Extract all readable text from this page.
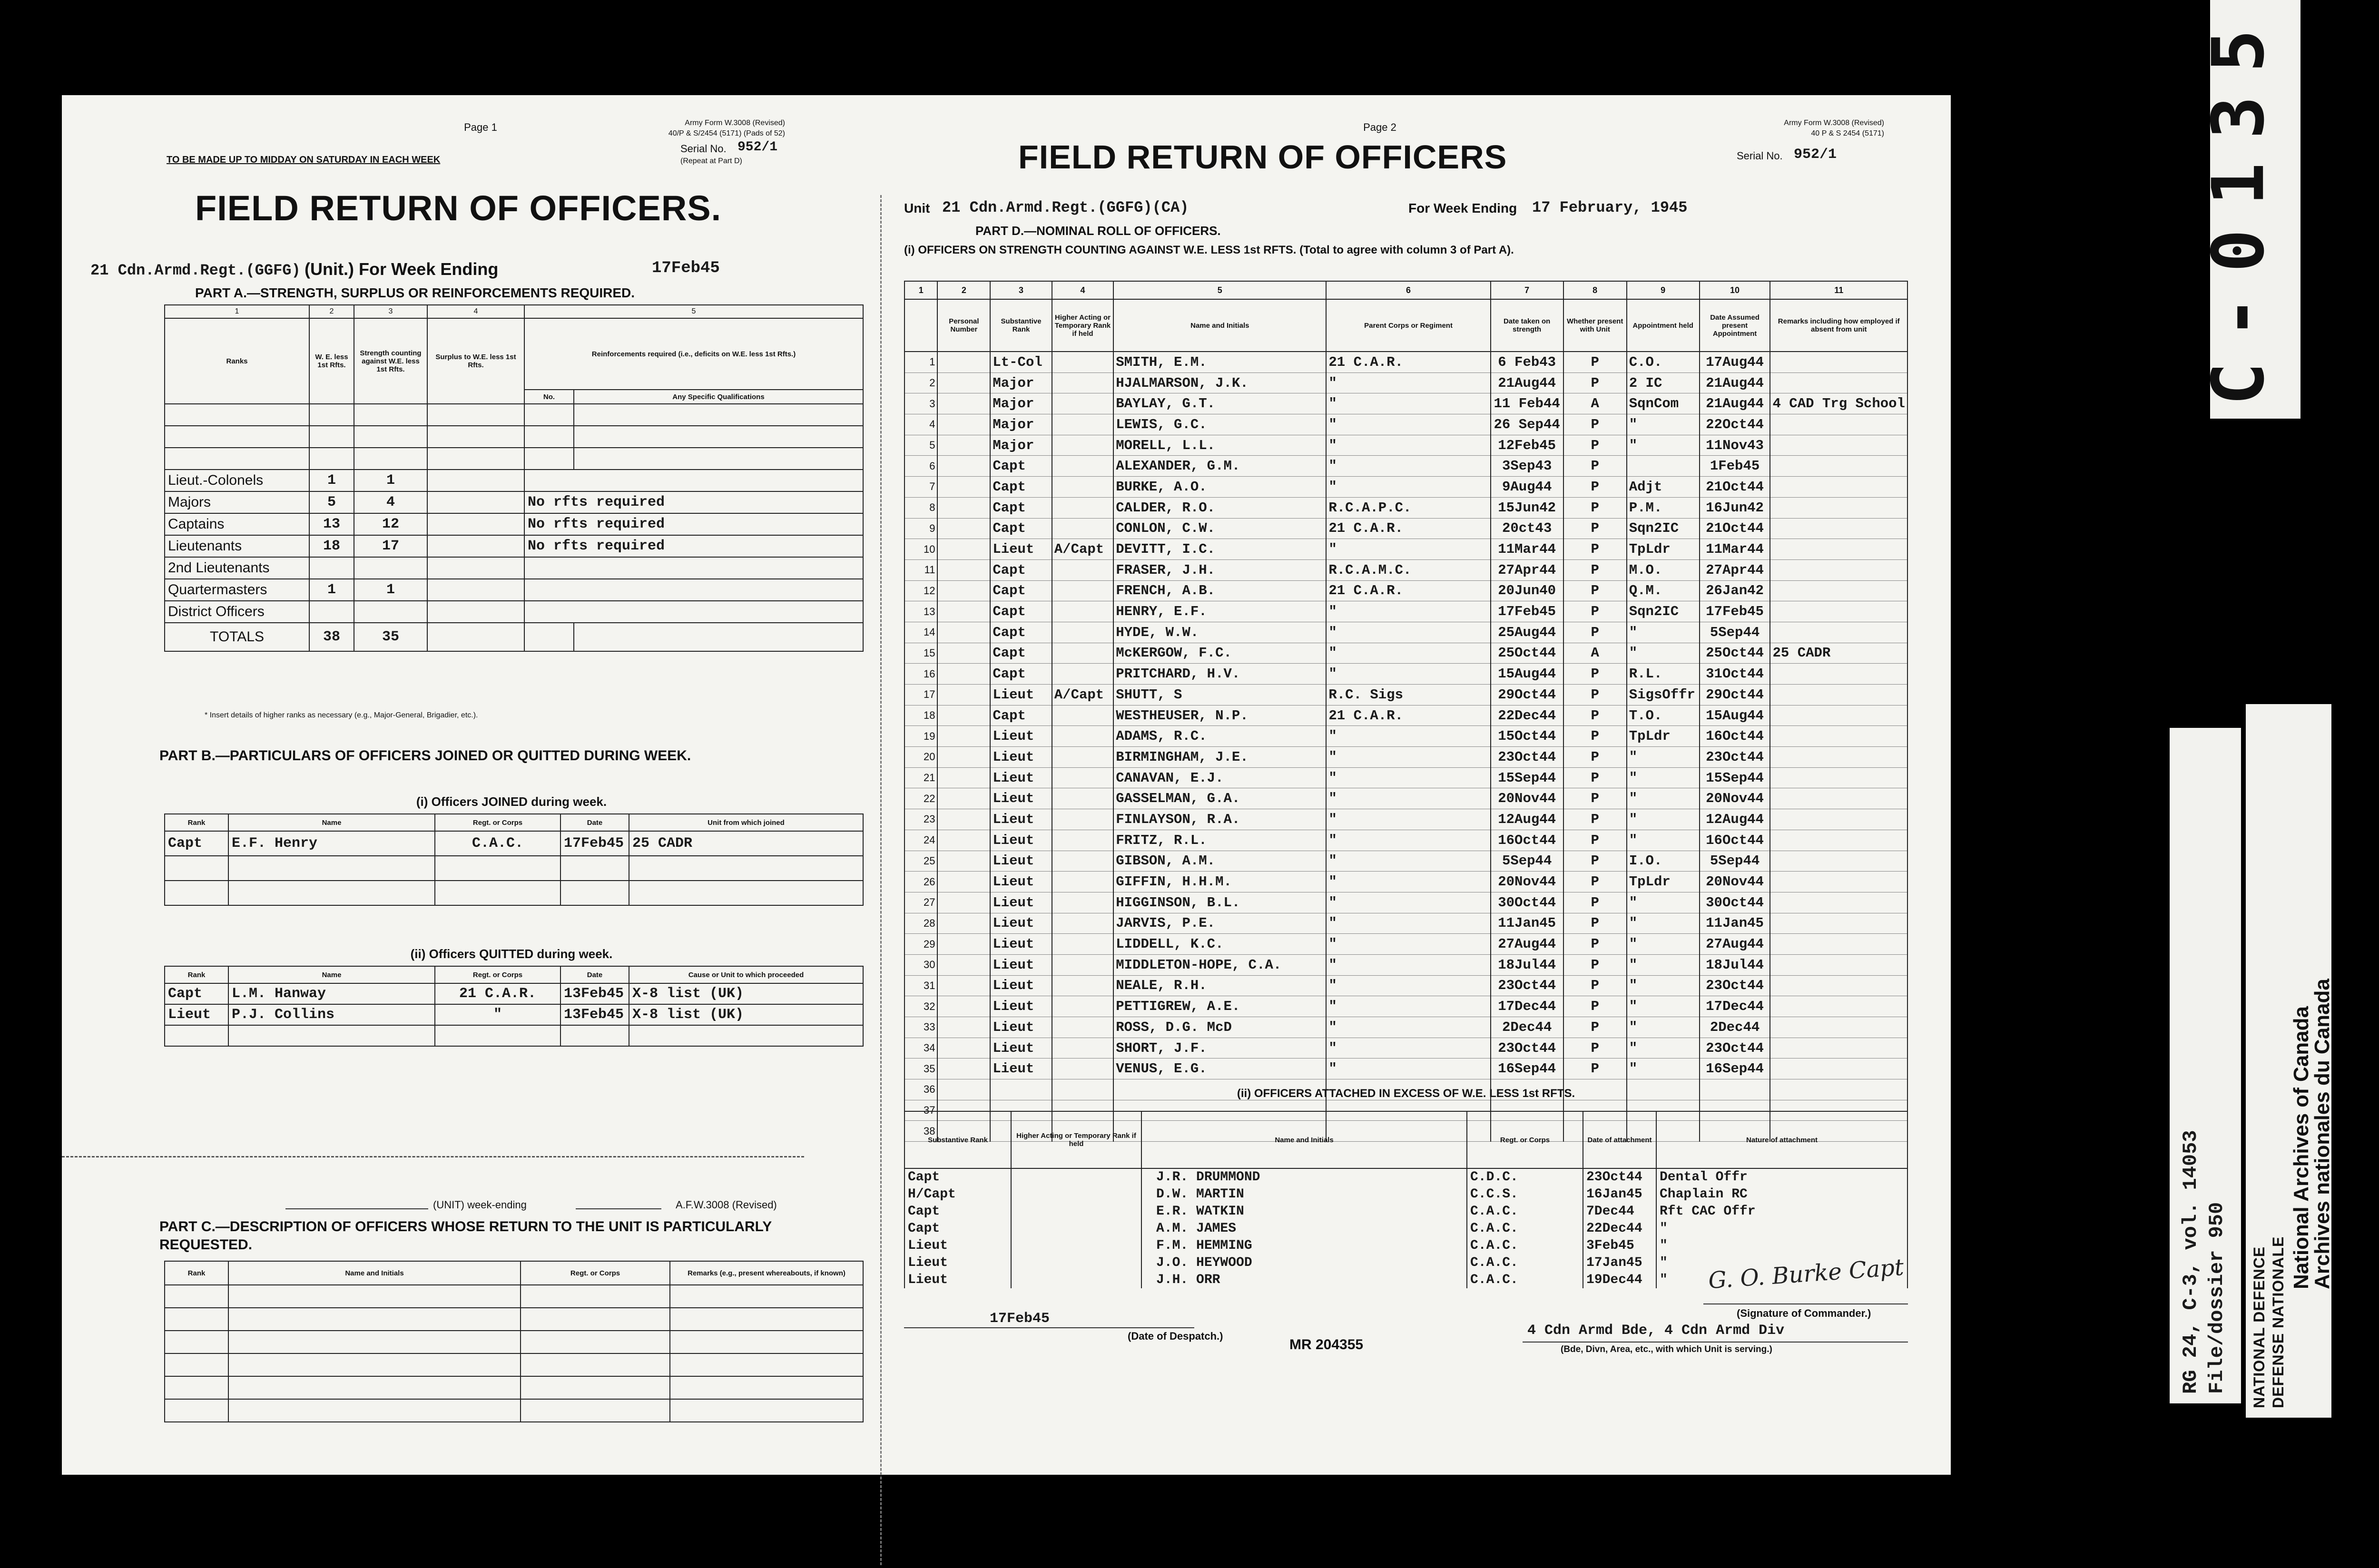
Page 1	Army Form W.3008 (Revised)
40/P & S/2454 (5171) (Pads of 52)
Serial No. 952/1
(Repeat at Part D)
TO BE MADE UP TO MIDDAY ON SATURDAY IN EACH WEEK
FIELD RETURN OF OFFICERS.
21 Cdn.Armd.Regt.(GGFG) (Unit.) For Week Ending	17Feb45
PART A.—STRENGTH, SURPLUS OR REINFORCEMENTS REQUIRED.
1	2	3	4	5	
Ranks	W. E. less 1st Rfts.	Strength counting against W.E. less 1st Rfts.	Surplus to W.E. less 1st Rfts.	Reinforcements required (i.e., deficits on W.E. less 1st Rfts.)	
				No.	Any Specific Qualifications

Lieut.-Colonels	1	1			
Majors	5	4		No rfts required	
Captains	13	12		No rfts required	
Lieutenants	18	17		No rfts required	
2nd Lieutenants					
Quartermasters	1	1			
District Officers					
TOTALS	38	35			
* Insert details of higher ranks as necessary (e.g., Major-General, Brigadier, etc.).
PART B.—PARTICULARS OF OFFICERS JOINED OR QUITTED DURING WEEK.
(i) Officers JOINED during week.
Rank	Name	Regt. or Corps	Date	Unit from which joined
Capt	E.F. Henry	C.A.C.	17Feb45	25 CADR

(ii) Officers QUITTED during week.
Rank	Name	Regt. or Corps	Date	Cause or Unit to which proceeded
Capt	L.M. Hanway	21 C.A.R.	13Feb45	X-8 list (UK)
Lieut	P.J. Collins	"	13Feb45	X-8 list (UK)

(UNIT) week-ending	A.F.W.3008 (Revised)
PART C.—DESCRIPTION OF OFFICERS WHOSE RETURN TO THE UNIT IS PARTICULARLY REQUESTED.
Rank	Name and Initials	Regt. or Corps	Remarks (e.g., present whereabouts, if known)

Page 2	Army Form W.3008 (Revised)
40 P & S 2454 (5171)
Serial No. 952/1
FIELD RETURN OF OFFICERS
Unit 21 Cdn.Armd.Regt.(GGFG)(CA)	For Week Ending 17 February, 1945
PART D.—NOMINAL ROLL OF OFFICERS.
(i) OFFICERS ON STRENGTH COUNTING AGAINST W.E. LESS 1st RFTS. (Total to agree with column 3 of Part A).
1	2	3	4	5	6	7	8	9	10	11
	Personal Number	Substantive Rank	Higher Acting or Temporary Rank if held	Name and Initials	Parent Corps or Regiment	Date taken on strength	Whether present with Unit	Appointment held	Date Assumed present Appointment	Remarks including how employed if absent from unit
1		Lt-Col		SMITH, E.M.	21 C.A.R.	6 Feb43	P	C.O.	17Aug44	
2		Major		HJALMARSON, J.K.	"	21Aug44	P	2 IC	21Aug44	
3		Major		BAYLAY, G.T.	"	11 Feb44	A	SqnCom	21Aug44	4 CAD Trg School
4		Major		LEWIS, G.C.	"	26 Sep44	P	"	22Oct44	
5		Major		MORELL, L.L.	"	12Feb45	P	"	11Nov43	
6		Capt		ALEXANDER, G.M.	"	3Sep43	P		1Feb45	
7		Capt		BURKE, A.O.	"	9Aug44	P	Adjt	21Oct44	
8		Capt		CALDER, R.O.	R.C.A.P.C.	15Jun42	P	P.M.	16Jun42	
9		Capt		CONLON, C.W.	21 C.A.R.	20ct43	P	Sqn2IC	21Oct44	
10		Lieut	A/Capt	DEVITT, I.C.	"	11Mar44	P	TpLdr	11Mar44	
11		Capt		FRASER, J.H.	R.C.A.M.C.	27Apr44	P	M.O.	27Apr44	
12		Capt		FRENCH, A.B.	21 C.A.R.	20Jun40	P	Q.M.	26Jan42	
13		Capt		HENRY, E.F.	"	17Feb45	P	Sqn2IC	17Feb45	
14		Capt		HYDE, W.W.	"	25Aug44	P	"	5Sep44	
15		Capt		McKERGOW, F.C.	"	25Oct44	A	"	25Oct44	25 CADR
16		Capt		PRITCHARD, H.V.	"	15Aug44	P	R.L.	31Oct44	
17		Lieut	A/Capt	SHUTT, S	R.C. Sigs	29Oct44	P	SigsOffr	29Oct44	
18		Capt		WESTHEUSER, N.P.	21 C.A.R.	22Dec44	P	T.O.	15Aug44	
19		Lieut		ADAMS, R.C.	"	15Oct44	P	TpLdr	16Oct44	
20		Lieut		BIRMINGHAM, J.E.	"	23Oct44	P	"	23Oct44	
21		Lieut		CANAVAN, E.J.	"	15Sep44	P	"	15Sep44	
22		Lieut		GASSELMAN, G.A.	"	20Nov44	P	"	20Nov44	
23		Lieut		FINLAYSON, R.A.	"	12Aug44	P	"	12Aug44	
24		Lieut		FRITZ, R.L.	"	16Oct44	P	"	16Oct44	
25		Lieut		GIBSON, A.M.	"	5Sep44	P	I.O.	5Sep44	
26		Lieut		GIFFIN, H.H.M.	"	20Nov44	P	TpLdr	20Nov44	
27		Lieut		HIGGINSON, B.L.	"	30Oct44	P	"	30Oct44	
28		Lieut		JARVIS, P.E.	"	11Jan45	P	"	11Jan45	
29		Lieut		LIDDELL, K.C.	"	27Aug44	P	"	27Aug44	
30		Lieut		MIDDLETON-HOPE, C.A.	"	18Jul44	P	"	18Jul44	
31		Lieut		NEALE, R.H.	"	23Oct44	P	"	23Oct44	
32		Lieut		PETTIGREW, A.E.	"	17Dec44	P	"	17Dec44	
33		Lieut		ROSS, D.G. McD	"	2Dec44	P	"	2Dec44	
34		Lieut		SHORT, J.F.	"	23Oct44	P	"	23Oct44	
35		Lieut		VENUS, E.G.	"	16Sep44	P	"	16Sep44	
36										
37										
38										
(ii) OFFICERS ATTACHED IN EXCESS OF W.E. LESS 1st RFTS.
Substantive Rank	Higher Acting or Temporary Rank if held	Name and Initials	Regt. or Corps	Date of attachment	Nature of attachment
Capt		J.R. DRUMMOND	C.D.C.	23Oct44	Dental Offr
H/Capt		D.W. MARTIN	C.C.S.	16Jan45	Chaplain RC
Capt		E.R. WATKIN	C.A.C.	7Dec44	Rft CAC Offr
Capt		A.M. JAMES	C.A.C.	22Dec44	"
Lieut		F.M. HEMMING	C.A.C.	3Feb45	"
Lieut		J.O. HEYWOOD	C.A.C.	17Jan45	"
Lieut		J.H. ORR	C.A.C.	19Dec44	"
17Feb45
(Date of Despatch.)
G. O. Burke Capt
(Signature of Commander.)
MR 204355
4 Cdn Armd Bde, 4 Cdn Armd Div
(Bde, Divn, Area, etc., with which Unit is serving.)
5
3
1
0
-
C
RG 24, C-3, vol. 14053 File/dossier 950 NATIONAL DEFENCE DEFENSE NATIONALE
National Archives of Canada
Archives nationales du Canada
